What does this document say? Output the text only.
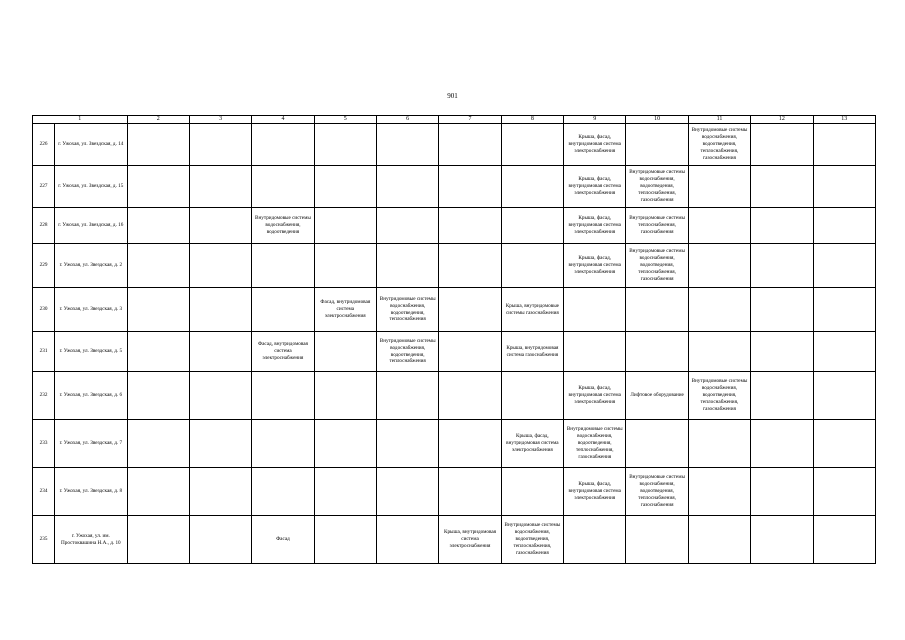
901
1		2	3	4	5	6	7	8	9	10	11	12	13
226	г. Ужохая, ул. Звездская, д. 14								Крыша, фасад, внутридомовая система электроснабжения		Внутридомовые системы водоснабжения, водоотведения, теплоснабжения, газоснабжения		
227	г. Ужохая, ул. Звездская, д. 15								Крыша, фасад, внутридомовая система электроснабжения	Внутридомовые системы водоснабжения, водоотведения, теплоснабжения, газоснабжения			
228	г. Ужохая, ул. Звездская, д. 16			Внутридомовые системы водоснабжения, водоотведения					Крыша, фасад, внутридомовая система электроснабжения	Внутридомовые системы теплоснабжения, газоснабжения			
229	г. Ужохая, ул. Звездская, д. 2								Крыша, фасад, внутридомовая система электроснабжения	Внутридомовые системы водоснабжения, водоотведения, теплоснабжения, газоснабжения			
230	г. Ужохая, ул. Звездская, д. 3				Фасад, внутридомовая система электроснабжения	Внутридомовые системы водоснабжения, водоотведения, теплоснабжения		Крыша, внутридомовые системы газоснабжения					
231	г. Ужохая, ул. Звездская, д. 5			Фасад, внутридомовая система электроснабжения		Внутридомовые системы водоснабжения, водоотведения, теплоснабжения		Крыша, внутридомовая система газоснабжения					
232	г. Ужохая, ул. Звездская, д. 6								Крыша, фасад, внутридомовая система электроснабжения	Лифтовое оборудование	Внутридомовые системы водоснабжения, водоотведения, теплоснабжения, газоснабжения		
233	г. Ужохая, ул. Звездская, д. 7							Крыша, фасад, внутридомовая система электроснабжения	Внутридомовые системы водоснабжения, водоотведения, теплоснабжения, газоснабжения				
234	г. Ужохая, ул. Звездская, д. 8								Крыша, фасад, внутридомовая система электроснабжения	Внутридомовые системы водоснабжения, водоотведения, теплоснабжения, газоснабжения			
235	г. Ужохая, ул. им. Простоквашина Н.А., д. 10			Фасад			Крыша, внутридомовая система электроснабжения	Внутридомовые системы водоснабжения, водоотведения, теплоснабжения, газоснабжения					
